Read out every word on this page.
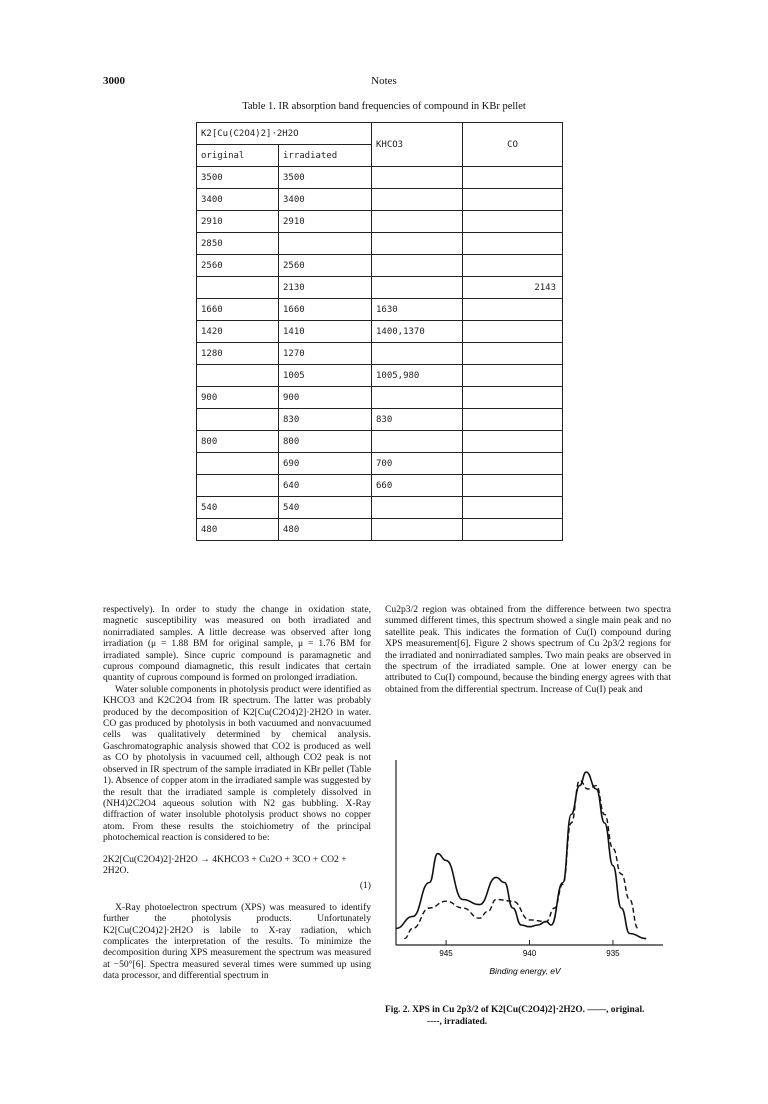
3000	Notes
Table 1. IR absorption band frequencies of compound in KBr pellet
K2[Cu(C2O4)2]·2H2O		KHCO3	CO
original	irradiated		
3500	3500		
3400	3400		
2910	2910		
2850			
2560	2560		
	2130		2143
1660	1660	1630	
1420	1410	1400,1370	
1280	1270		
	1005	1005,980	
900	900		
	830	830	
800	800		
	690	700	
	640	660	
540	540		
480	480		

respectively). In order to study the change in oxidation state, magnetic susceptibility was measured on both irradiated and nonirradiated samples. A little decrease was observed after long irradiation (μ = 1.88 BM for original sample, μ = 1.76 BM for irradiated sample). Since cupric compound is paramagnetic and cuprous compound diamagnetic, this result indicates that certain quantity of cuprous compound is formed on prolonged irradiation.

Water soluble components in photolysis product were identified as KHCO3 and K2C2O4 from IR spectrum. The latter was probably produced by the decomposition of K2[Cu(C2O4)2]·2H2O in water. CO gas produced by photolysis in both vacuumed and nonvacuumed cells was qualitatively determined by chemical analysis. Gaschromatographic analysis showed that CO2 is produced as well as CO by photolysis in vacuumed cell, although CO2 peak is not observed in IR spectrum of the sample irradiated in KBr pellet (Table 1). Absence of copper atom in the irradiated sample was suggested by the result that the irradiated sample is completely dissolved in (NH4)2C2O4 aqueous solution with N2 gas bubbling. X-Ray diffraction of water insoluble photolysis product shows no copper atom. From these results the stoichiometry of the principal photochemical reaction is considered to be:

2K2[Cu(C2O4)2]·2H2O → 4KHCO3 + Cu2O + 3CO + CO2 + 2H2O.

(1)

X-Ray photoelectron spectrum (XPS) was measured to identify further the photolysis products. Unfortunately K2[Cu(C2O4)2]·2H2O is labile to X-ray radiation, which complicates the interpretation of the results. To minimize the decomposition during XPS measurement the spectrum was measured at −50°[6]. Spectra measured several times were summed up using data processor, and differential spectrum in

Cu2p3/2 region was obtained from the difference between two spectra summed different times, this spectrum showed a single main peak and no satellite peak. This indicates the formation of Cu(I) compound during XPS measurement[6]. Figure 2 shows spectrum of Cu 2p3/2 regions for the irradiated and nonirradiated samples. Two main peaks are observed in the spectrum of the irradiated sample. One at lower energy can be attributed to Cu(I) compound, because the binding energy agrees with that obtained from the differential spectrum. Increase of Cu(I) peak and

945	940	935
Binding energy, eV
Fig. 2. XPS in Cu 2p3/2 of K2[Cu(C2O4)2]·2H2O. ——, original.
----, irradiated.
